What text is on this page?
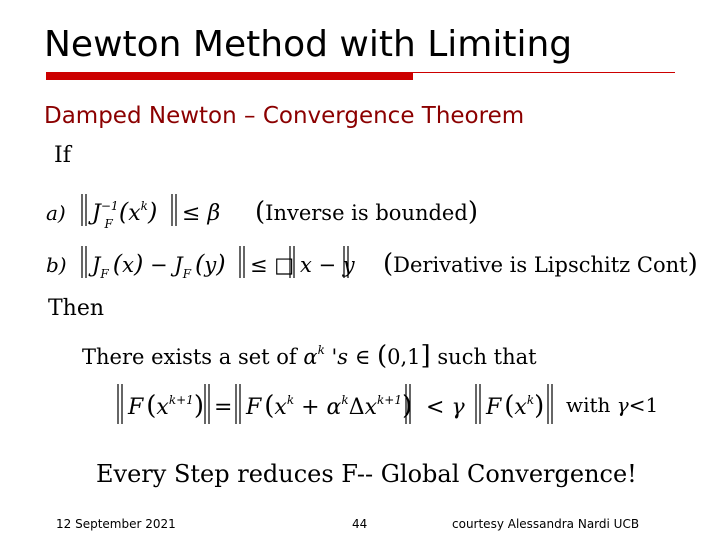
Newton Method with Limiting
Damped Newton – Convergence Theorem
If
a) $J^{-1}$ F $(x^k) \le \beta$ (Inverse is bounded)
b) $J_F$ $(x) - J_F$ (y) ≤ □ x − y (Derivative is Lipschitz Cont)
There exists a set of $\alpha^k$ 's ∈ (0,1] such that
F $(x^{k+1}) = F$ $(x^k + \alpha^k\Delta x^{k+1}) < \gamma$ F $(x^k)$ with γ<1
Then
Every Step reduces F-- Global Convergence!
12 September 2021	44	courtesy Alessandra Nardi UCB
